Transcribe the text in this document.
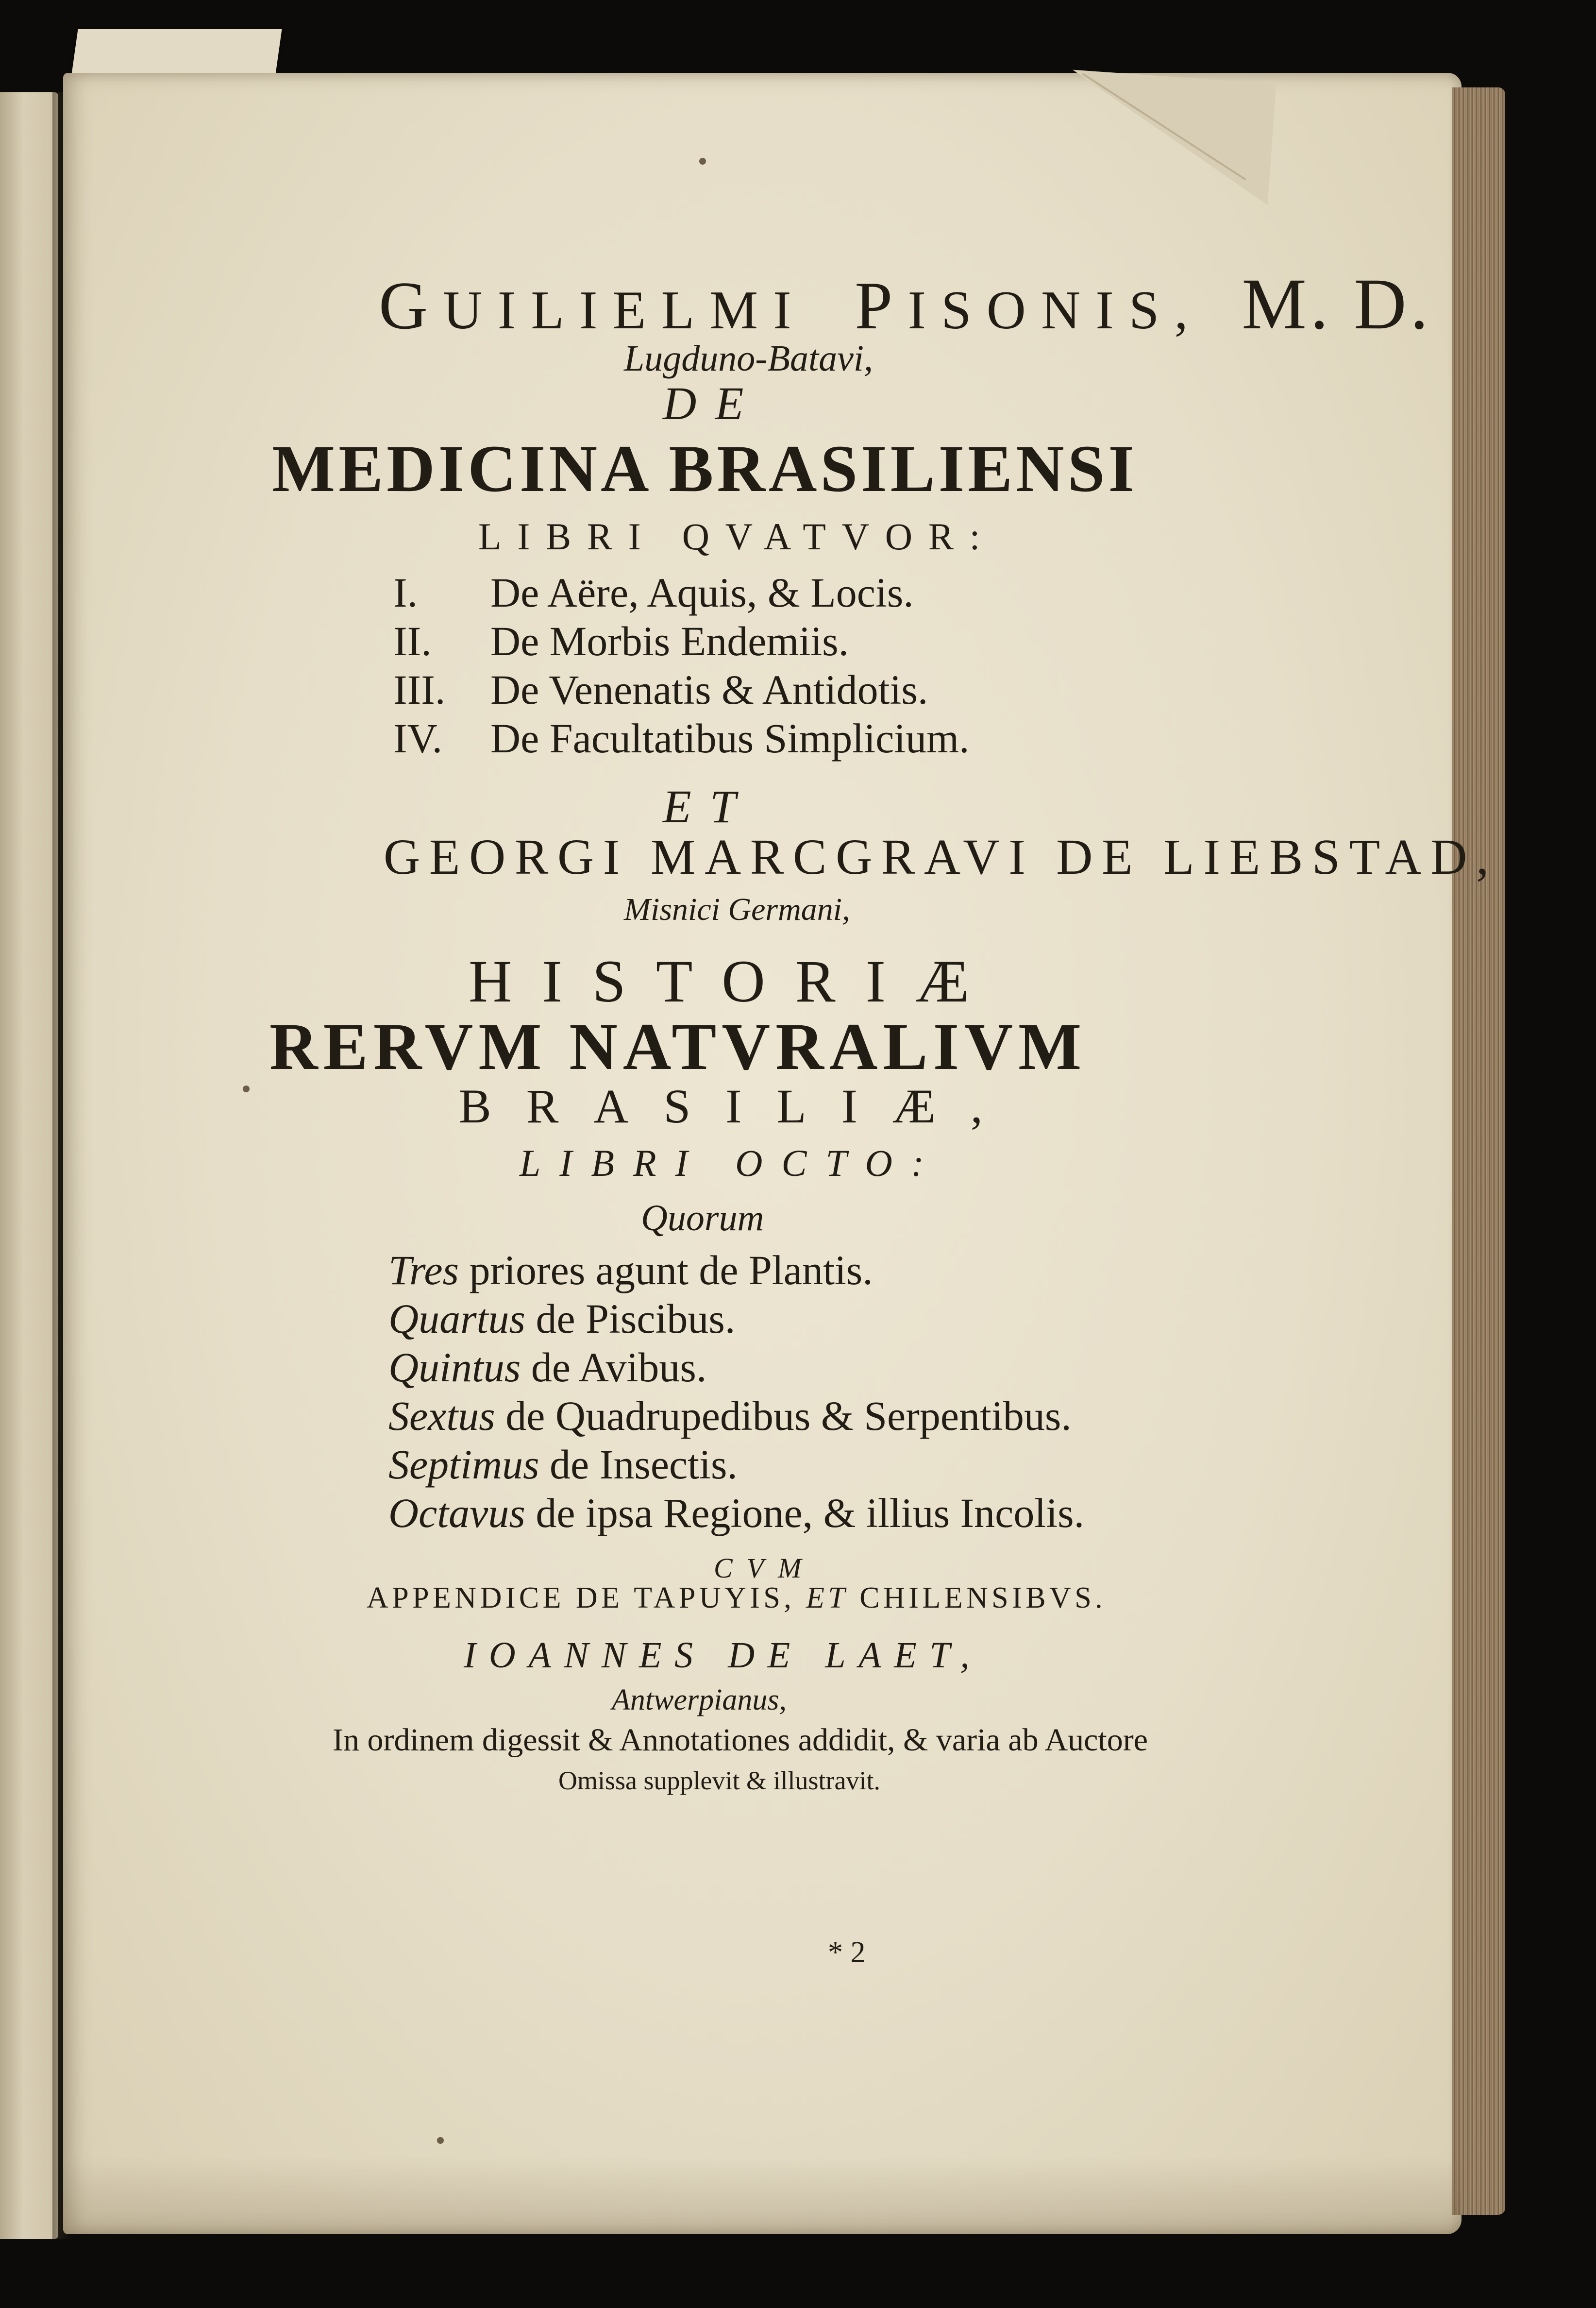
GUILIELMI PISONIS, M. D.
Lugduno-Batavi,
DE
MEDICINA BRASILIENSI
LIBRI QVATVOR:
I.	De Aëre, Aquis, & Locis.
II.	De Morbis Endemiis.
III.	De Venenatis & Antidotis.
IV.	De Facultatibus Simplicium.
ET
GEORGI MARCGRAVI DE LIEBSTAD,
Misnici Germani,
HISTORIÆ
RERVM NATVRALIVM
BRASILIÆ,
LIBRI OCTO:
Quorum
Tres priores agunt de Plantis.
Quartus de Piscibus.
Quintus de Avibus.
Sextus de Quadrupedibus & Serpentibus.
Septimus de Insectis.
Octavus de ipsa Regione, & illius Incolis.
CVM
APPENDICE DE TAPUYIS, ET CHILENSIBVS.
IOANNES DE LAET,
Antwerpianus,
In ordinem digessit & Annotationes addidit, & varia ab Auctore
Omissa supplevit & illustravit.
* 2
